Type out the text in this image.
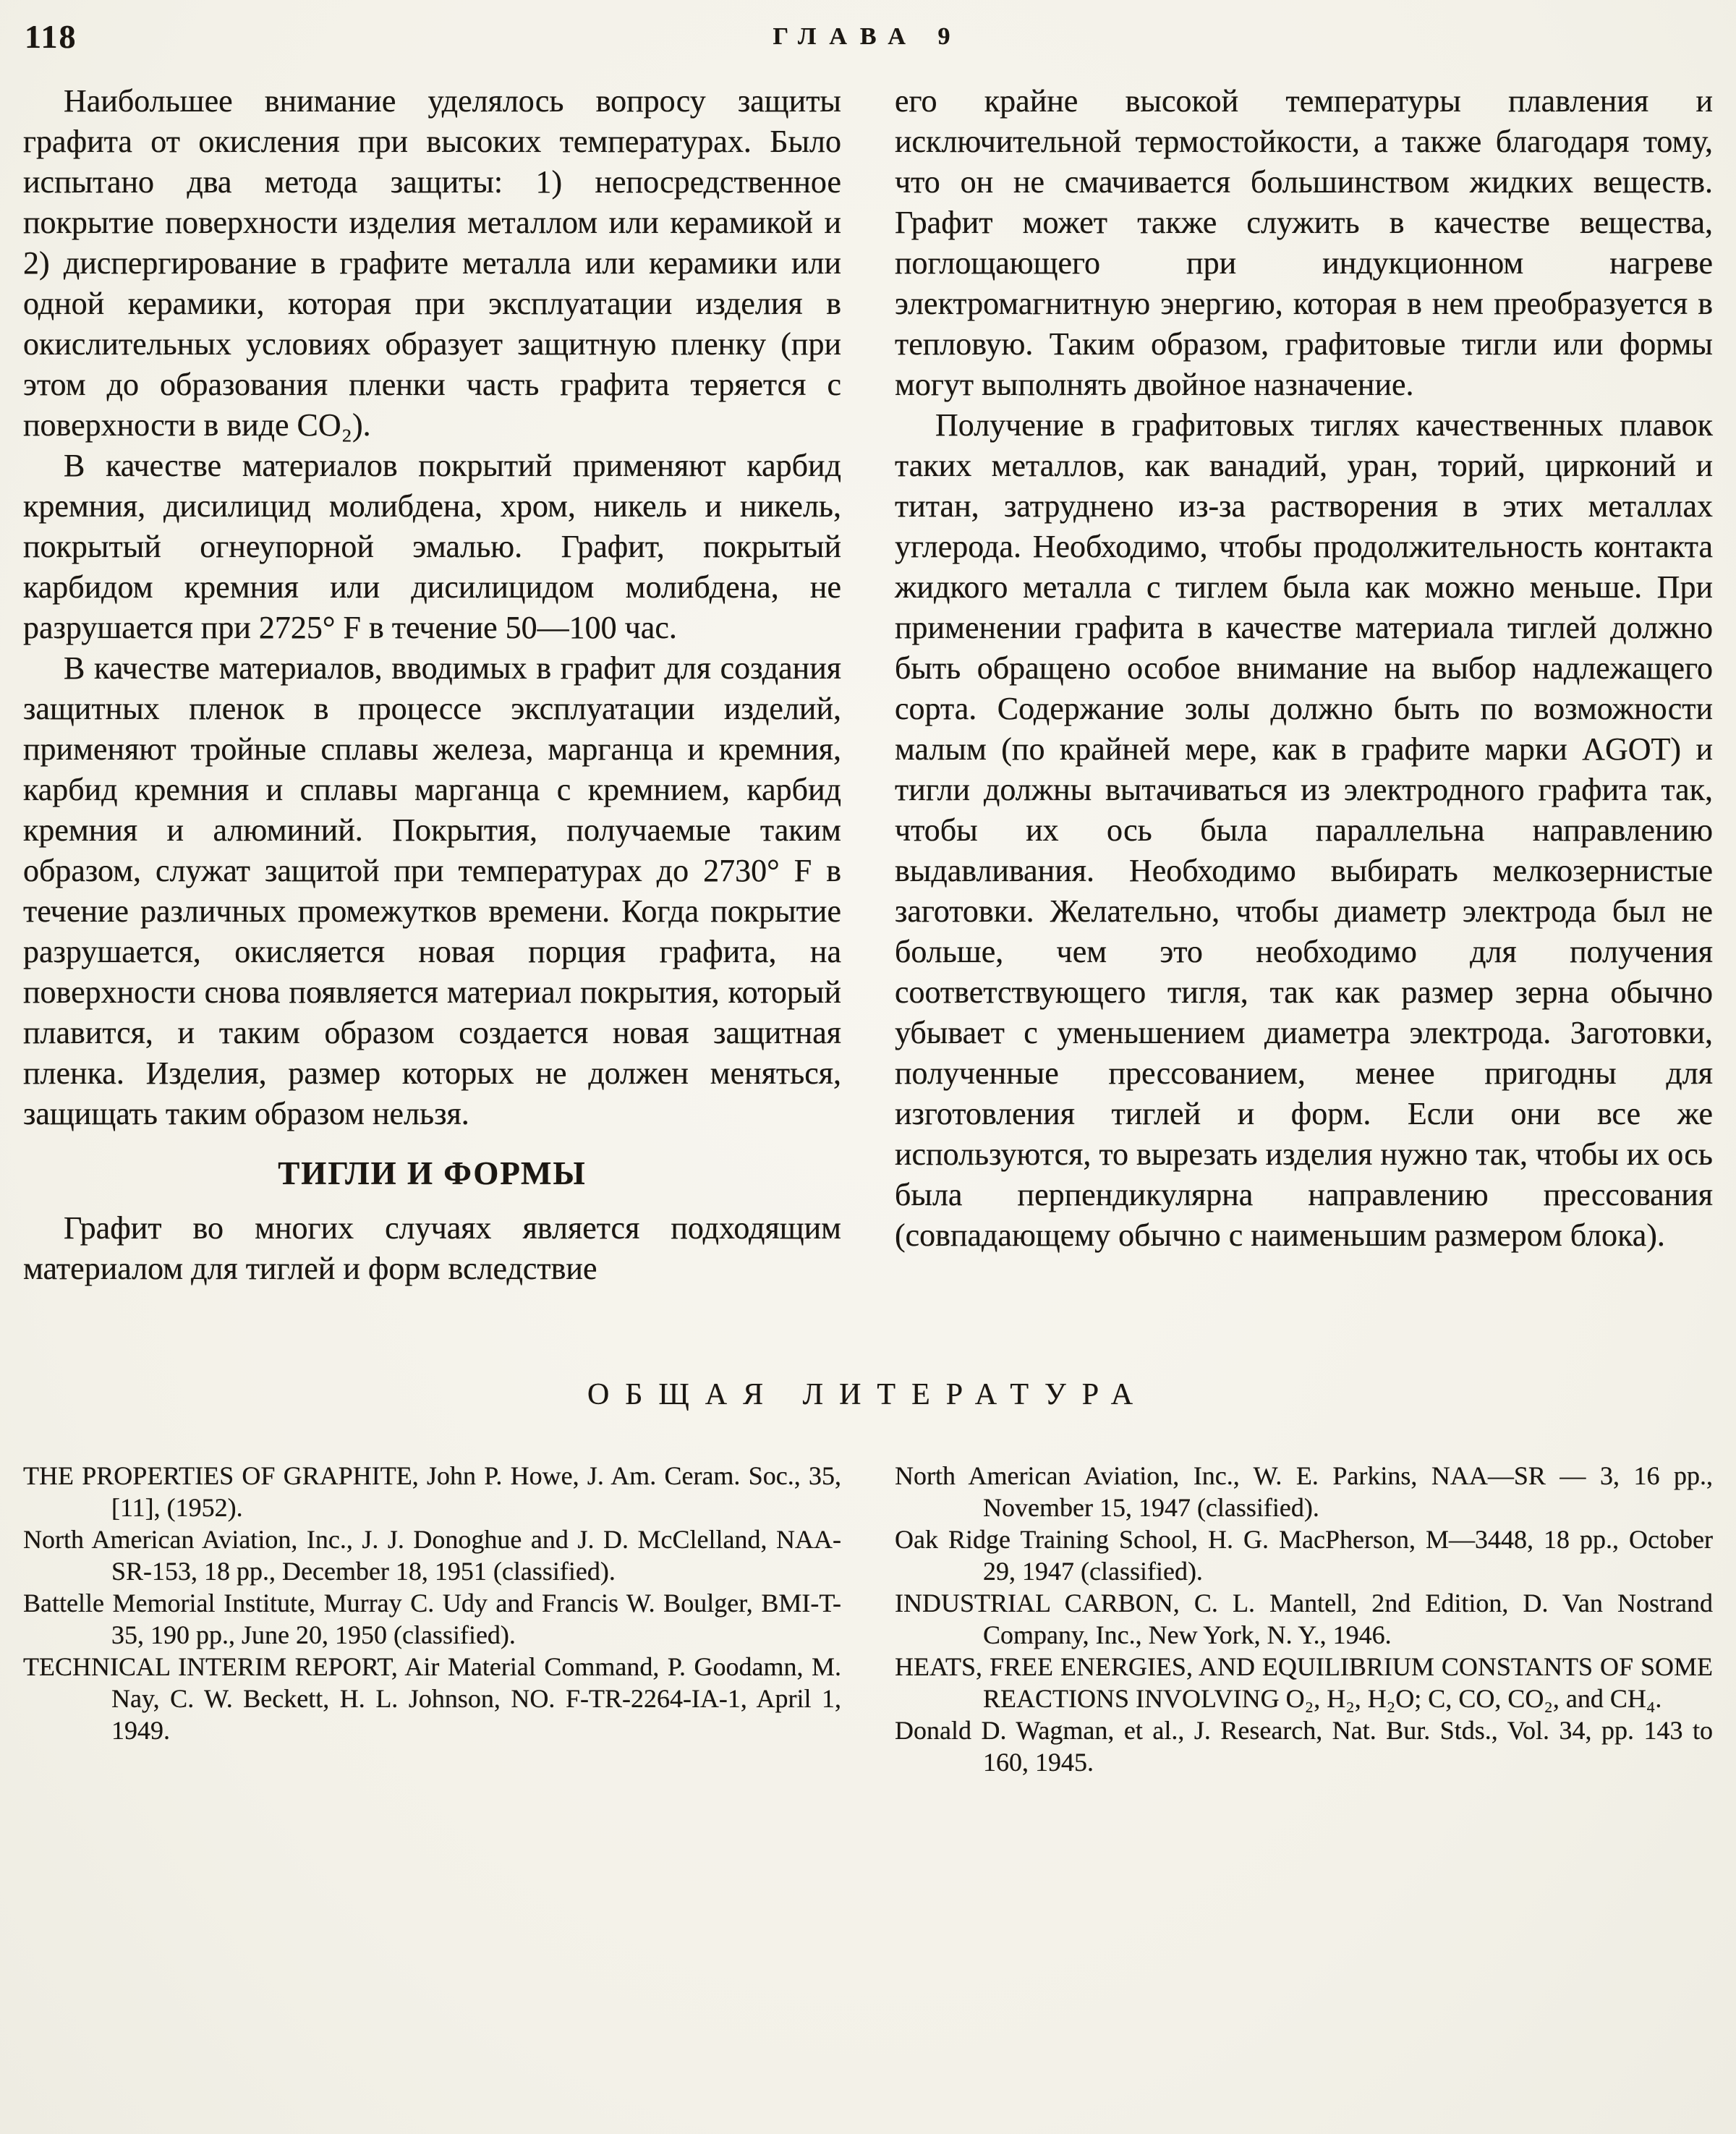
118	ГЛАВА 9

Наибольшее внимание уделялось вопросу защиты графита от окисления при высоких температурах. Было испытано два метода защиты: 1) непосредственное покрытие поверхности изделия металлом или керамикой и 2) диспергирование в графите металла или керамики или одной керамики, которая при эксплуатации изделия в окислительных условиях образует защитную пленку (при этом до образования пленки часть графита теряется с поверхности в виде CO₂).

В качестве материалов покрытий применяют карбид кремния, дисилицид молибдена, хром, никель и никель, покрытый огнеупорной эмалью. Графит, покрытый карбидом кремния или дисилицидом молибдена, не разрушается при 2725° F в течение 50—100 час.

В качестве материалов, вводимых в графит для создания защитных пленок в процессе эксплуатации изделий, применяют тройные сплавы железа, марганца и кремния, карбид кремния и сплавы марганца с кремнием, карбид кремния и алюминий. Покрытия, получаемые таким образом, служат защитой при температурах до 2730° F в течение различных промежутков времени. Когда покрытие разрушается, окисляется новая порция графита, на поверхности снова появляется материал покрытия, который плавится, и таким образом создается новая защитная пленка. Изделия, размер которых не должен меняться, защищать таким образом нельзя.

ТИГЛИ И ФОРМЫ

Графит во многих случаях является подходящим материалом для тиглей и форм вследствие

его крайне высокой температуры плавления и исключительной термостойкости, а также благодаря тому, что он не смачивается большинством жидких веществ. Графит может также служить в качестве вещества, поглощающего при индукционном нагреве электромагнитную энергию, которая в нем преобразуется в тепловую. Таким образом, графитовые тигли или формы могут выполнять двойное назначение.

Получение в графитовых тиглях качественных плавок таких металлов, как ванадий, уран, торий, цирконий и титан, затруднено из-за растворения в этих металлах углерода. Необходимо, чтобы продолжительность контакта жидкого металла с тиглем была как можно меньше. При применении графита в качестве материала тиглей должно быть обращено особое внимание на выбор надлежащего сорта. Содержание золы должно быть по возможности малым (по крайней мере, как в графите марки AGOT) и тигли должны вытачиваться из электродного графита так, чтобы их ось была параллельна направлению выдавливания. Необходимо выбирать мелкозернистые заготовки. Желательно, чтобы диаметр электрода был не больше, чем это необходимо для получения соответствующего тигля, так как размер зерна обычно убывает с уменьшением диаметра электрода. Заготовки, полученные прессованием, менее пригодны для изготовления тиглей и форм. Если они все же используются, то вырезать изделия нужно так, чтобы их ось была перпендикулярна направлению прессования (совпадающему обычно с наименьшим размером блока).

ОБЩАЯ ЛИТЕРАТУРА

THE PROPERTIES OF GRAPHITE, John P. Howe, J. Am. Ceram. Soc., 35, [11], (1952).

North American Aviation, Inc., J. J. Donoghue and J. D. McClelland, NAA-SR-153, 18 pp., December 18, 1951 (classified).

Battelle Memorial Institute, Murray C. Udy and Francis W. Boulger, BMI-T-35, 190 pp., June 20, 1950 (classified).

TECHNICAL INTERIM REPORT, Air Material Command, P. Goodamn, M. Nay, C. W. Beckett, H. L. Johnson, NO. F-TR-2264-IA-1, April 1, 1949.

North American Aviation, Inc., W. E. Parkins, NAA—SR — 3, 16 pp., November 15, 1947 (classified).

Oak Ridge Training School, H. G. MacPherson, M—3448, 18 pp., October 29, 1947 (classified).

INDUSTRIAL CARBON, C. L. Mantell, 2nd Edition, D. Van Nostrand Company, Inc., New York, N. Y., 1946.

HEATS, FREE ENERGIES, AND EQUILIBRIUM CONSTANTS OF SOME REACTIONS INVOLVING O₂, H₂, H₂O; C, CO, CO₂, and CH₄.

Donald D. Wagman, et al., J. Research, Nat. Bur. Stds., Vol. 34, pp. 143 to 160, 1945.
